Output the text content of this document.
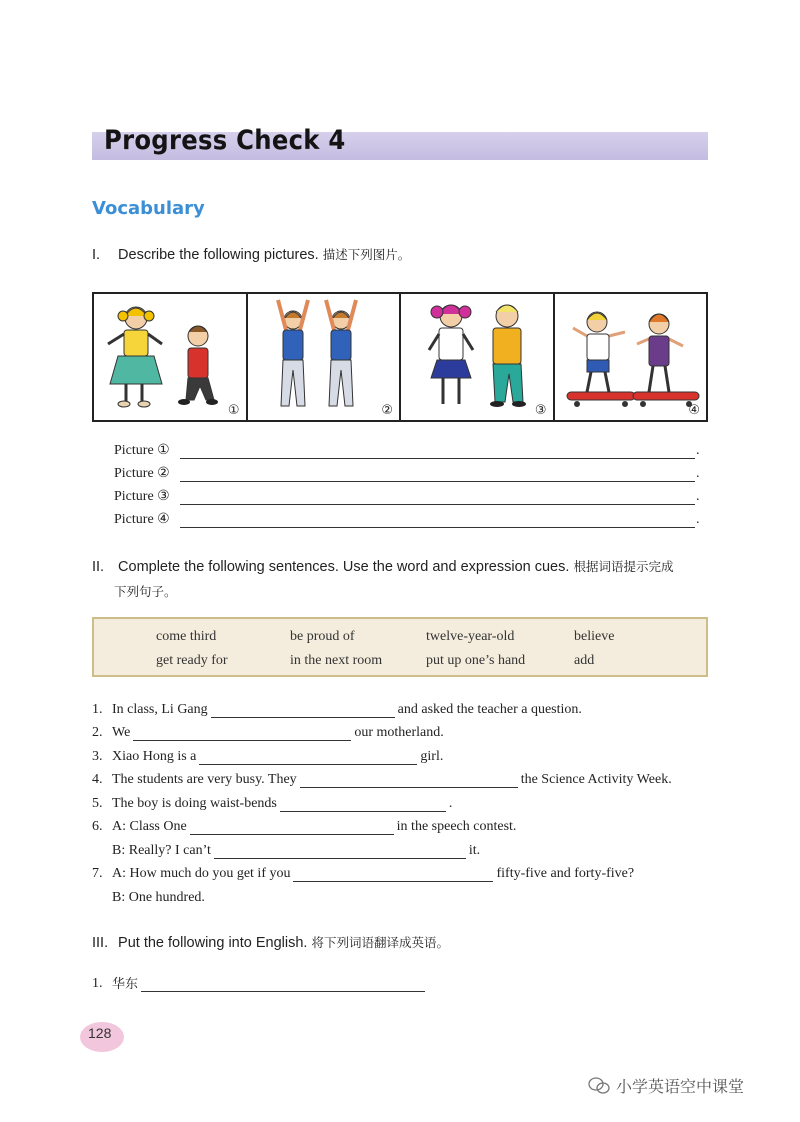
Progress Check 4
Vocabulary
I. Describe the following pictures. 描述下列图片。
①	②	③	④
Picture ①	.
Picture ②	.
Picture ③	.
Picture ④	.
II. Complete the following sentences. Use the word and expression cues. 根据词语提示完成
下列句子。
come third	be proud of	twelve-year-old	believe
get ready for	in the next room	put up one’s hand	add
1. In class, Li Gang	and asked the teacher a question.
2. We	our motherland.
3. Xiao Hong is a	girl.
4. The students are very busy. They	the Science Activity Week.
5. The boy is doing waist-bends	.
6. A: Class One	in the speech contest.
B: Really? I can’t	it.
7. A: How much do you get if you	fifty-five and forty-five?
B: One hundred.
III. Put the following into English. 将下列词语翻译成英语。
1. 华东
128
小学英语空中课堂
